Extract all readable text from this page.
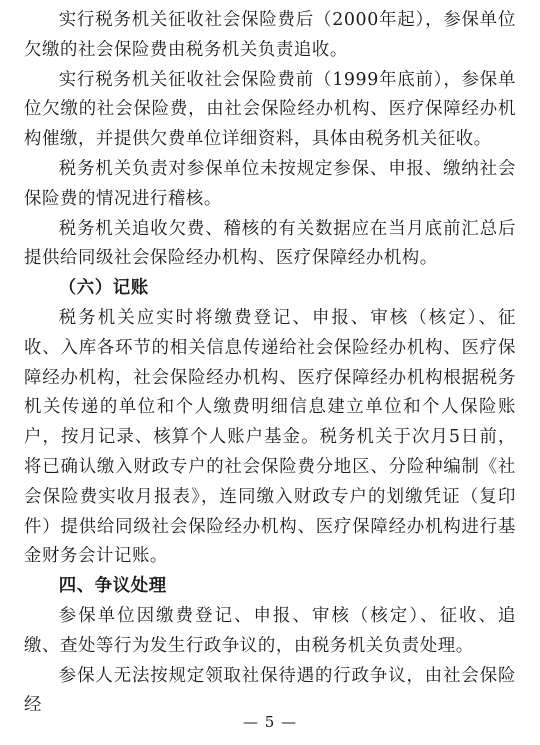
实行税务机关征收社会保险费后（2000年起），参保单位欠缴的社会保险费由税务机关负责追收。

实行税务机关征收社会保险费前（1999年底前），参保单位欠缴的社会保险费，由社会保险经办机构、医疗保障经办机构催缴，并提供欠费单位详细资料，具体由税务机关征收。

税务机关负责对参保单位未按规定参保、申报、缴纳社会保险费的情况进行稽核。

税务机关追收欠费、稽核的有关数据应在当月底前汇总后提供给同级社会保险经办机构、医疗保障经办机构。

（六）记账

税务机关应实时将缴费登记、申报、审核（核定）、征收、入库各环节的相关信息传递给社会保险经办机构、医疗保障经办机构，社会保险经办机构、医疗保障经办机构根据税务机关传递的单位和个人缴费明细信息建立单位和个人保险账户，按月记录、核算个人账户基金。税务机关于次月5日前，将已确认缴入财政专户的社会保险费分地区、分险种编制《社会保险费实收月报表》，连同缴入财政专户的划缴凭证（复印件）提供给同级社会保险经办机构、医疗保障经办机构进行基金财务会计记账。

四、争议处理

参保单位因缴费登记、申报、审核（核定）、征收、追缴、查处等行为发生行政争议的，由税务机关负责处理。

参保人无法按规定领取社保待遇的行政争议，由社会保险经

— 5 —
